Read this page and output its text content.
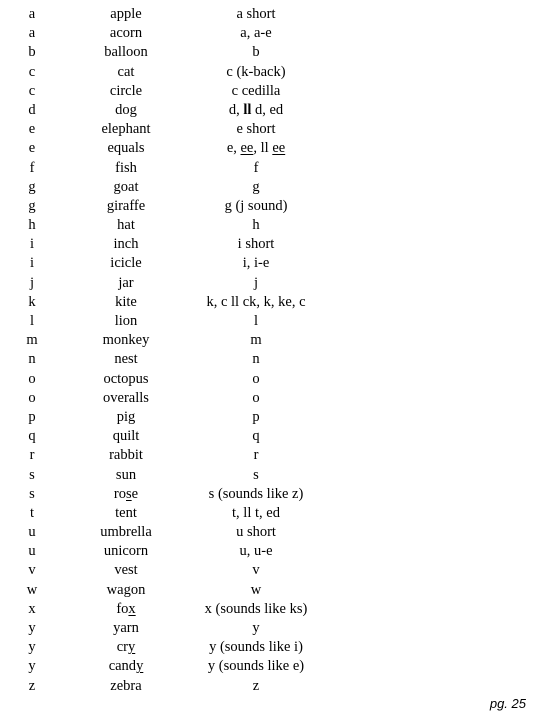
a	apple	a short
a	acorn	a, a-e
b	balloon	b
c	cat	c (k-back)
c	circle	c cedilla
d	dog	d, ll d, ed
e	elephant	e short
e	equals	e, ee, ll ee
f	fish	f
g	goat	g
g	giraffe	g (j sound)
h	hat	h
i	inch	i short
i	icicle	i, i-e
j	jar	j
k	kite	k, c ll ck, k, ke, c
l	lion	l
m	monkey	m
n	nest	n
o	octopus	o
o	overalls	o
p	pig	p
q	quilt	q
r	rabbit	r
s	sun	s
s	rose	s (sounds like z)
t	tent	t, ll t, ed
u	umbrella	u short
u	unicorn	u, u-e
v	vest	v
w	wagon	w
x	fox	x (sounds like ks)
y	yarn	y
y	cry	y (sounds like i)
y	candy	y (sounds like e)
z	zebra	z
pg. 25
